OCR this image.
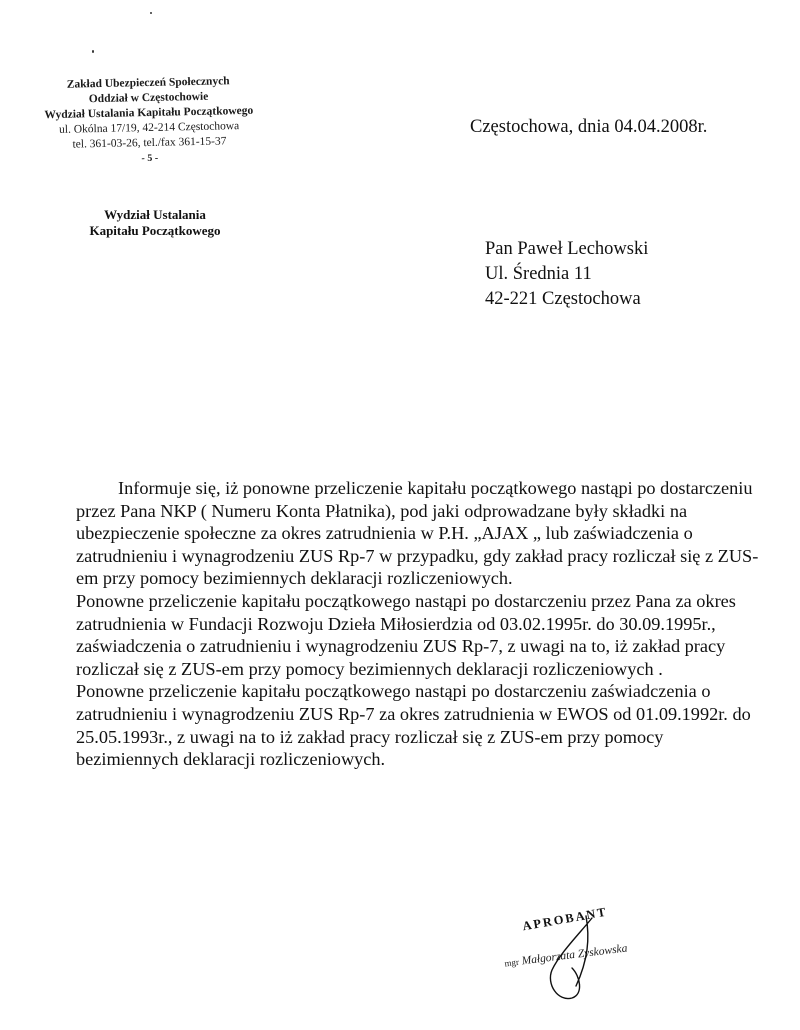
Zakład Ubezpieczeń Społecznych
Oddział w Częstochowie
Wydział Ustalania Kapitału Początkowego
ul. Okólna 17/19, 42-214 Częstochowa
tel. 361-03-26, tel./fax 361-15-37
- 5 -
Wydział Ustalania
Kapitału Początkowego
Częstochowa, dnia 04.04.2008r.
Pan Paweł Lechowski
Ul. Średnia 11
42-221 Częstochowa

Informuje się, iż ponowne przeliczenie kapitału początkowego nastąpi po dostarczeniu przez Pana NKP ( Numeru Konta Płatnika), pod jaki odprowadzane były składki na ubezpieczenie społeczne za okres zatrudnienia w P.H. „AJAX „ lub zaświadczenia o zatrudnieniu i wynagrodzeniu ZUS Rp-7 w przypadku, gdy zakład pracy rozliczał się z ZUS-em przy pomocy bezimiennych deklaracji rozliczeniowych.

Ponowne przeliczenie kapitału początkowego nastąpi po dostarczeniu przez Pana za okres zatrudnienia w Fundacji Rozwoju Dzieła Miłosierdzia od 03.02.1995r. do 30.09.1995r., zaświadczenia o zatrudnieniu i wynagrodzeniu ZUS Rp-7, z uwagi na to, iż zakład pracy rozliczał się z ZUS-em przy pomocy bezimiennych deklaracji rozliczeniowych .

Ponowne przeliczenie kapitału początkowego nastąpi po dostarczeniu zaświadczenia o zatrudnieniu i wynagrodzeniu ZUS Rp-7 za okres zatrudnienia w EWOS od 01.09.1992r. do 25.05.1993r., z uwagi na to iż zakład pracy rozliczał się z ZUS-em przy pomocy bezimiennych deklaracji rozliczeniowych.

APROBANT
mgr Małgorzata Zyskowska
